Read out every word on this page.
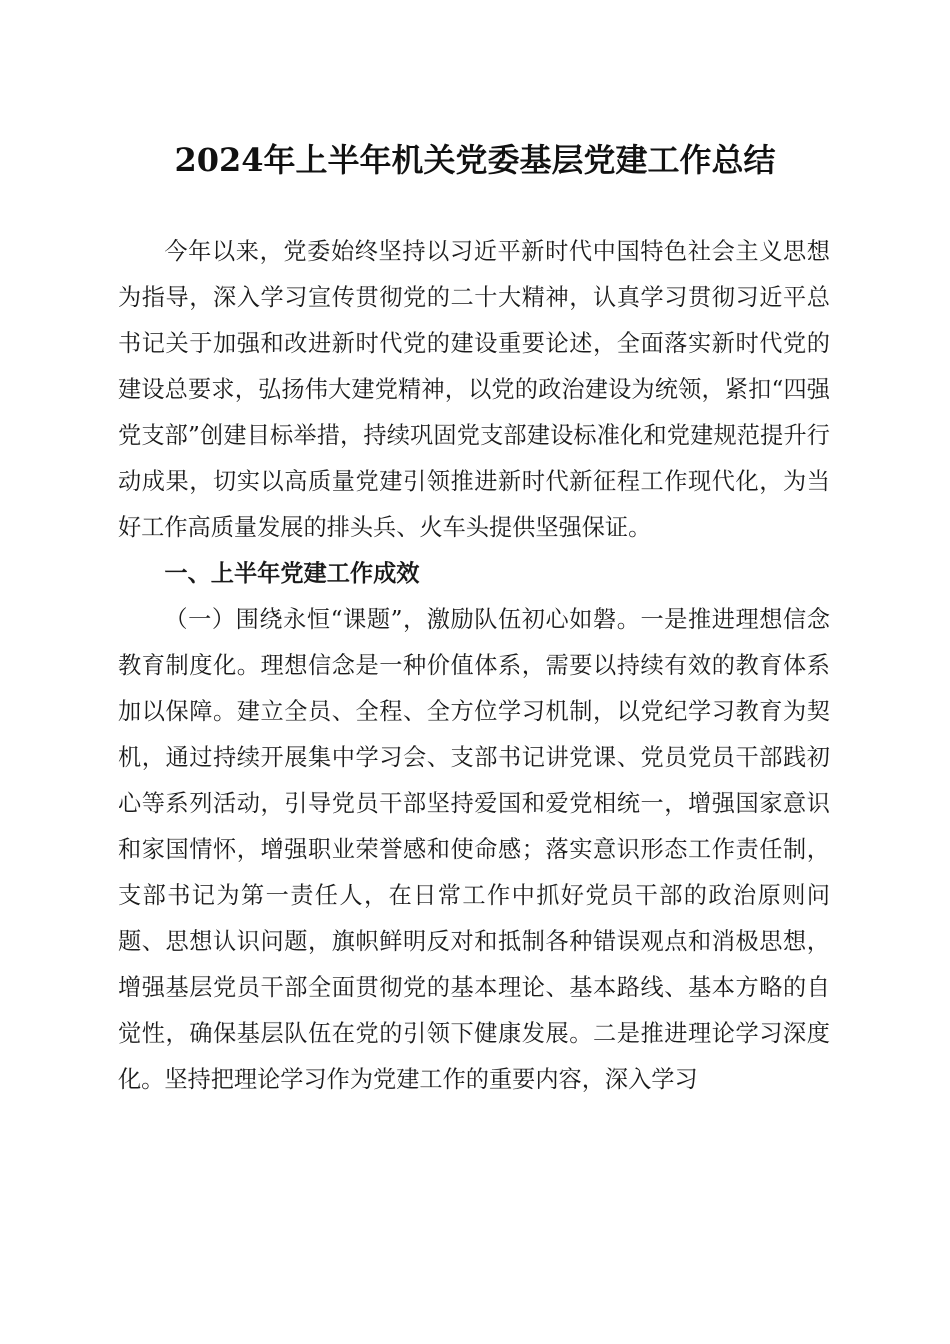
2024年上半年机关党委基层党建工作总结

今年以来，党委始终坚持以习近平新时代中国特色社会主义思想为指导，深入学习宣传贯彻党的二十大精神，认真学习贯彻习近平总书记关于加强和改进新时代党的建设重要论述，全面落实新时代党的建设总要求，弘扬伟大建党精神，以党的政治建设为统领，紧扣“四强党支部”创建目标举措，持续巩固党支部建设标准化和党建规范提升行动成果，切实以高质量党建引领推进新时代新征程工作现代化，为当好工作高质量发展的排头兵、火车头提供坚强保证。

一、上半年党建工作成效

（一）围绕永恒“课题”，激励队伍初心如磐。一是推进理想信念教育制度化。理想信念是一种价值体系，需要以持续有效的教育体系加以保障。建立全员、全程、全方位学习机制，以党纪学习教育为契机，通过持续开展集中学习会、支部书记讲党课、党员党员干部践初心等系列活动，引导党员干部坚持爱国和爱党相统一，增强国家意识和家国情怀，增强职业荣誉感和使命感；落实意识形态工作责任制，支部书记为第一责任人，在日常工作中抓好党员干部的政治原则问题、思想认识问题，旗帜鲜明反对和抵制各种错误观点和消极思想，增强基层党员干部全面贯彻党的基本理论、基本路线、基本方略的自觉性，确保基层队伍在党的引领下健康发展。二是推进理论学习深度化。坚持把理论学习作为党建工作的重要内容，深入学习
